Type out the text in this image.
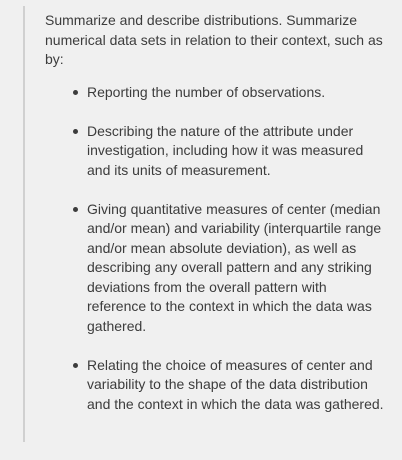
Summarize and describe distributions. Summarize numerical data sets in relation to their context, such as by:

Reporting the number of observations.
Describing the nature of the attribute under investigation, including how it was measured and its units of measurement.
Giving quantitative measures of center (median and/or mean) and variability (interquartile range and/or mean absolute deviation), as well as describing any overall pattern and any striking deviations from the overall pattern with reference to the context in which the data was gathered.
Relating the choice of measures of center and variability to the shape of the data distribution and the context in which the data was gathered.
